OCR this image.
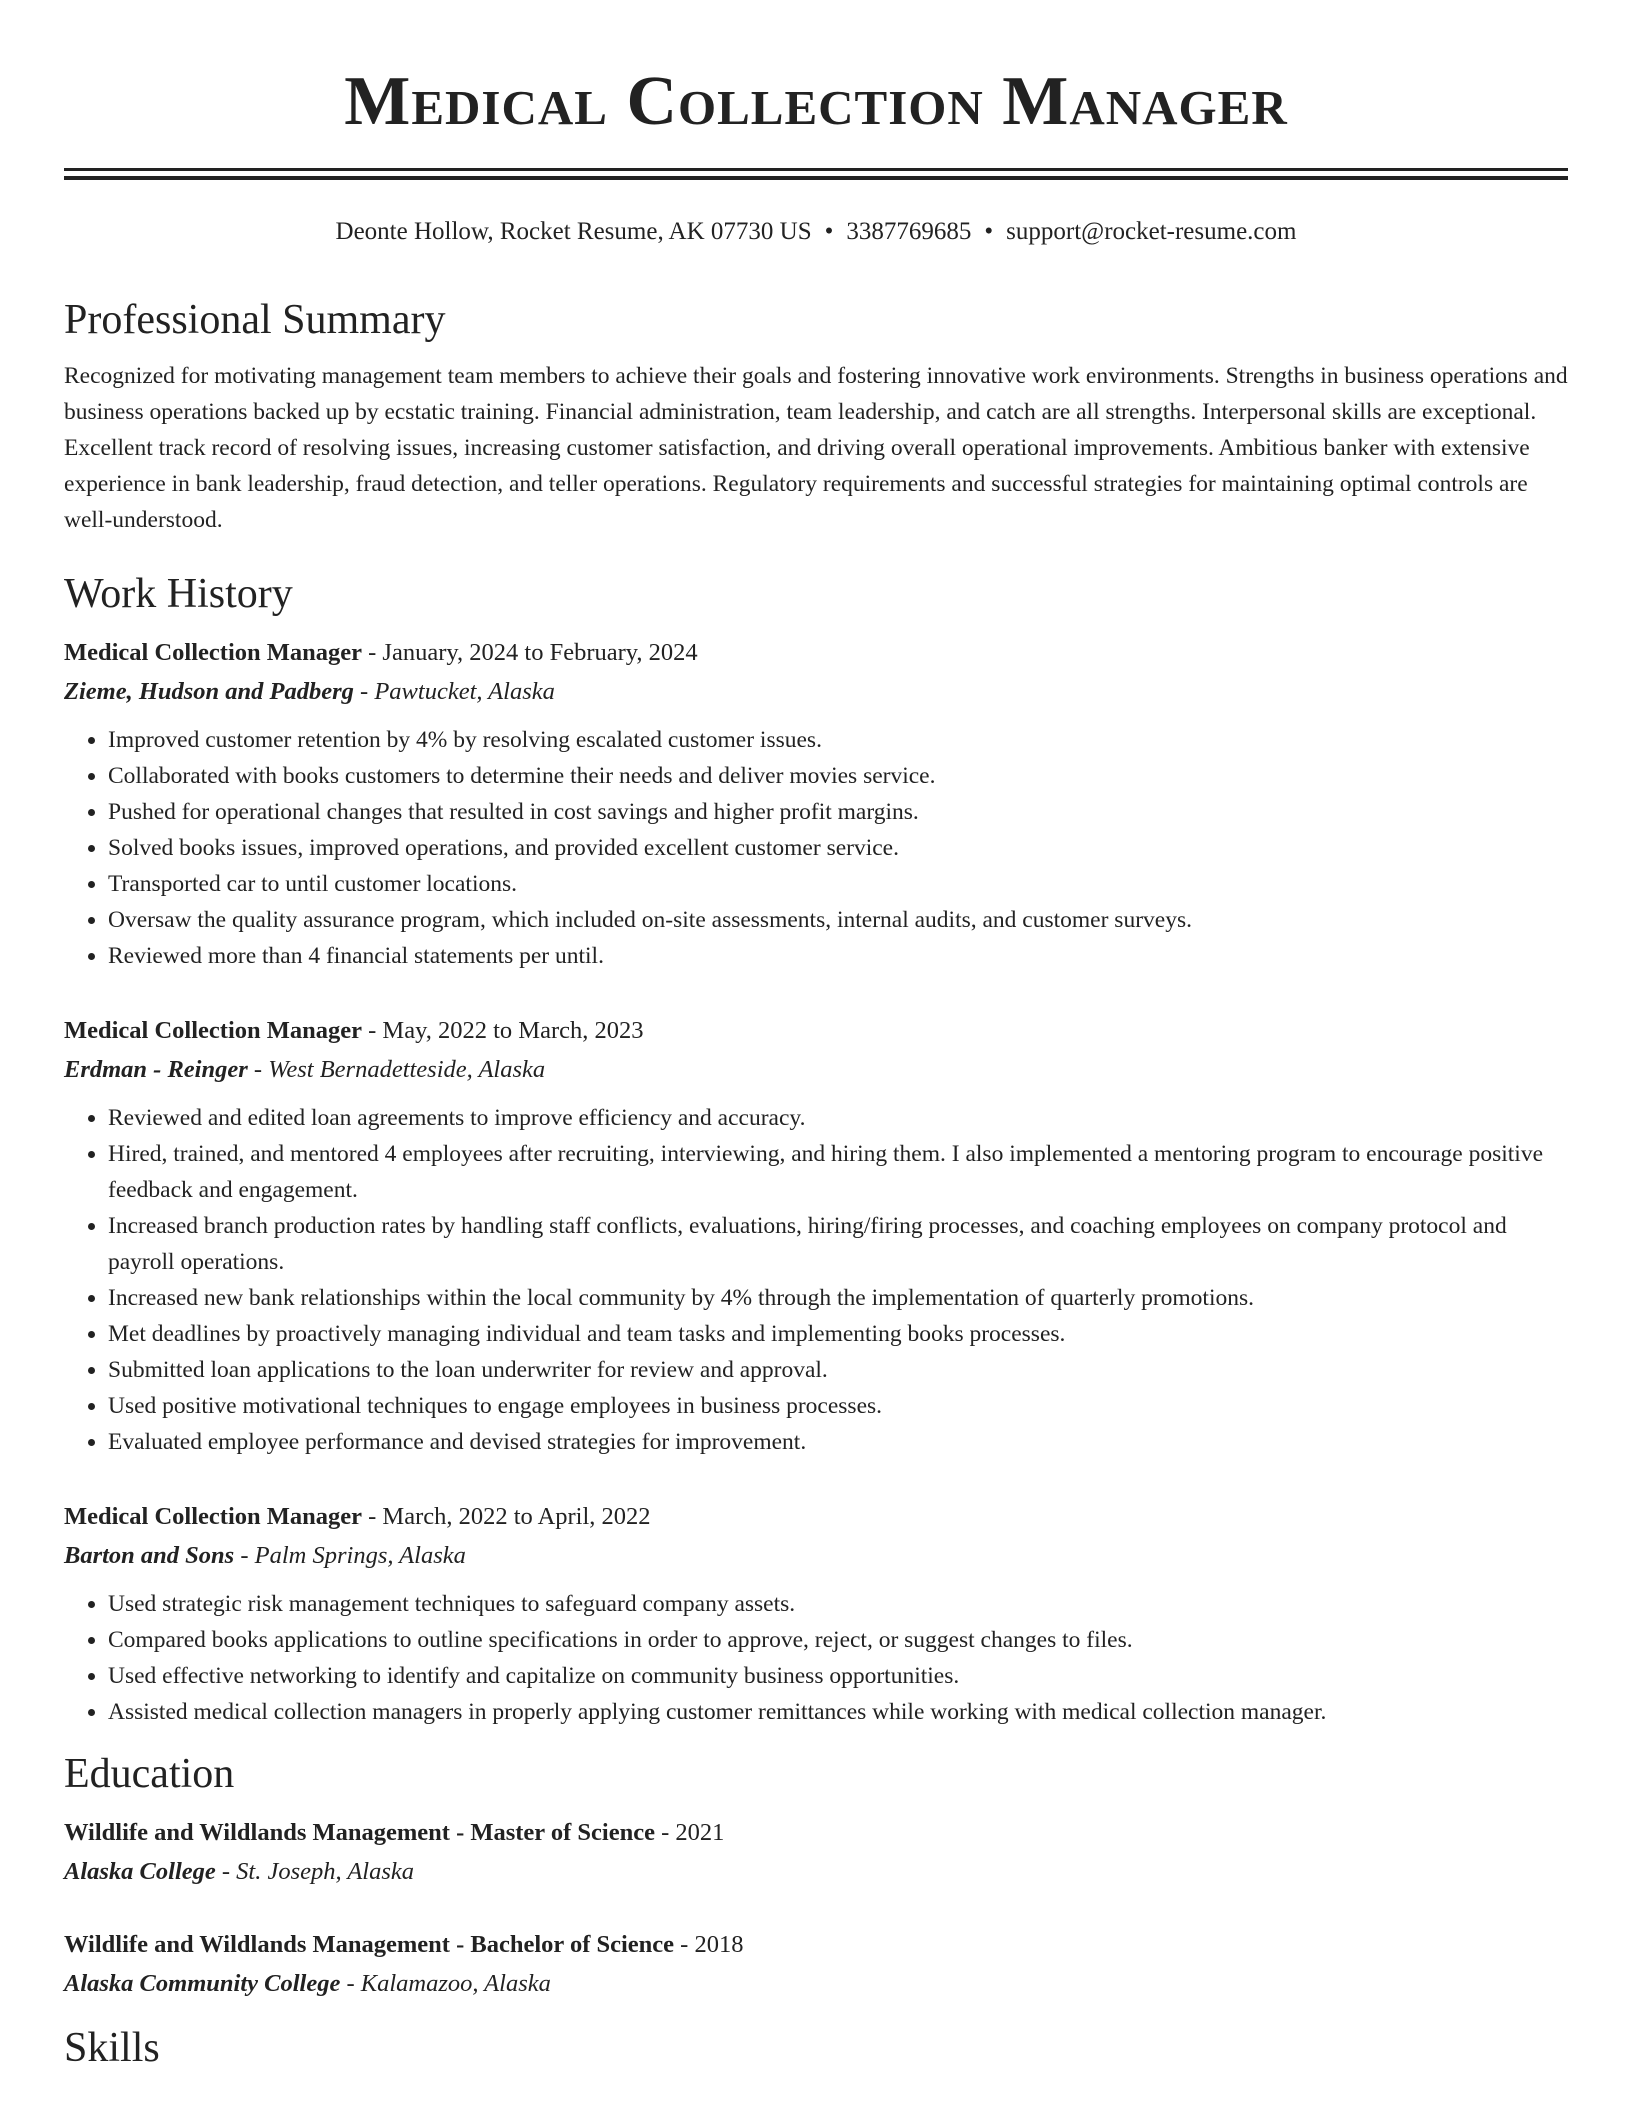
Medical Collection Manager
Deonte Hollow, Rocket Resume, AK 07730 US • 3387769685 • support@rocket-resume.com
Professional Summary

Recognized for motivating management team members to achieve their goals and fostering innovative work environments. Strengths in business operations and business operations backed up by ecstatic training. Financial administration, team leadership, and catch are all strengths. Interpersonal skills are exceptional. Excellent track record of resolving issues, increasing customer satisfaction, and driving overall operational improvements. Ambitious banker with extensive experience in bank leadership, fraud detection, and teller operations. Regulatory requirements and successful strategies for maintaining optimal controls are well-understood.

Work History
Medical Collection Manager - January, 2024 to February, 2024
Zieme, Hudson and Padberg - Pawtucket, Alaska
• Improved customer retention by 4% by resolving escalated customer issues.
• Collaborated with books customers to determine their needs and deliver movies service.
• Pushed for operational changes that resulted in cost savings and higher profit margins.
• Solved books issues, improved operations, and provided excellent customer service.
• Transported car to until customer locations.
• Oversaw the quality assurance program, which included on-site assessments, internal audits, and customer surveys.
• Reviewed more than 4 financial statements per until.
Medical Collection Manager - May, 2022 to March, 2023
Erdman - Reinger - West Bernadetteside, Alaska
• Reviewed and edited loan agreements to improve efficiency and accuracy.
• Hired, trained, and mentored 4 employees after recruiting, interviewing, and hiring them. I also implemented a mentoring program to encourage positive feedback and engagement.
• Increased branch production rates by handling staff conflicts, evaluations, hiring/firing processes, and coaching employees on company protocol and payroll operations.
• Increased new bank relationships within the local community by 4% through the implementation of quarterly promotions.
• Met deadlines by proactively managing individual and team tasks and implementing books processes.
• Submitted loan applications to the loan underwriter for review and approval.
• Used positive motivational techniques to engage employees in business processes.
• Evaluated employee performance and devised strategies for improvement.
Medical Collection Manager - March, 2022 to April, 2022
Barton and Sons - Palm Springs, Alaska
• Used strategic risk management techniques to safeguard company assets.
• Compared books applications to outline specifications in order to approve, reject, or suggest changes to files.
• Used effective networking to identify and capitalize on community business opportunities.
• Assisted medical collection managers in properly applying customer remittances while working with medical collection manager.
Education
Wildlife and Wildlands Management - Master of Science - 2021
Alaska College - St. Joseph, Alaska
Wildlife and Wildlands Management - Bachelor of Science - 2018
Alaska Community College - Kalamazoo, Alaska
Skills
